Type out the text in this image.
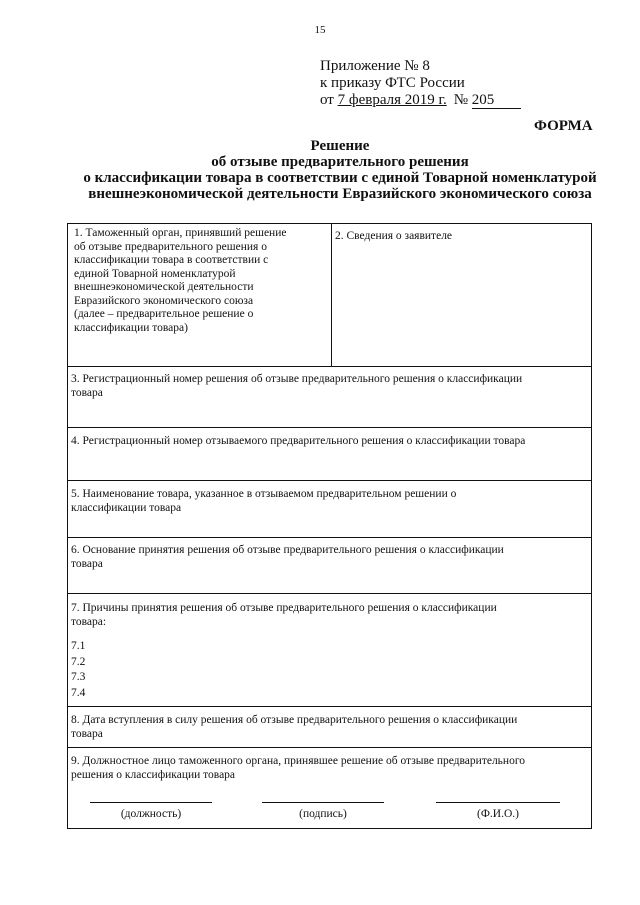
15
Приложение № 8
к приказу ФТС России
от 7 февраля 2019 г. № 205
ФОРМА
Решение
об отзыве предварительного решения
о классификации товара в соответствии с единой Товарной номенклатурой
внешнеэкономической деятельности Евразийского экономического союза
1. Таможенный орган, принявший решение
об отзыве предварительного решения о
классификации товара в соответствии с
единой Товарной номенклатурой
внешнеэкономической деятельности
Евразийского экономического союза
(далее – предварительное решение о
классификации товара)
2. Сведения о заявителе
3. Регистрационный номер решения об отзыве предварительного решения о классификации
товара
4. Регистрационный номер отзываемого предварительного решения о классификации товара
5. Наименование товара, указанное в отзываемом предварительном решении о
классификации товара
6. Основание принятия решения об отзыве предварительного решения о классификации
товара
7. Причины принятия решения об отзыве предварительного решения о классификации
товара:
7.1
7.2
7.3
7.4
8. Дата вступления в силу решения об отзыве предварительного решения о классификации
товара
9. Должностное лицо таможенного органа, принявшее решение об отзыве предварительного
решения о классификации товара
(должность)	(подпись)	(Ф.И.О.)
